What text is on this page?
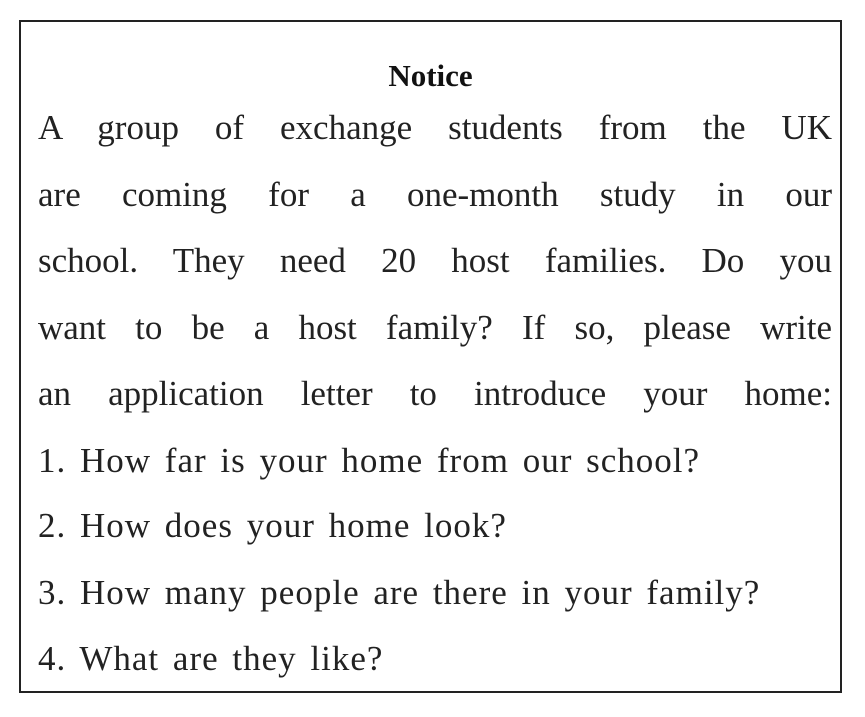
Notice
A group of exchange students from the UK
are coming for a one-month study in our
school. They need 20 host families. Do you
want to be a host family? If so, please write
an application letter to introduce your home:
1. How far is your home from our school?
2. How does your home look?
3. How many people are there in your family?
4. What are they like?
